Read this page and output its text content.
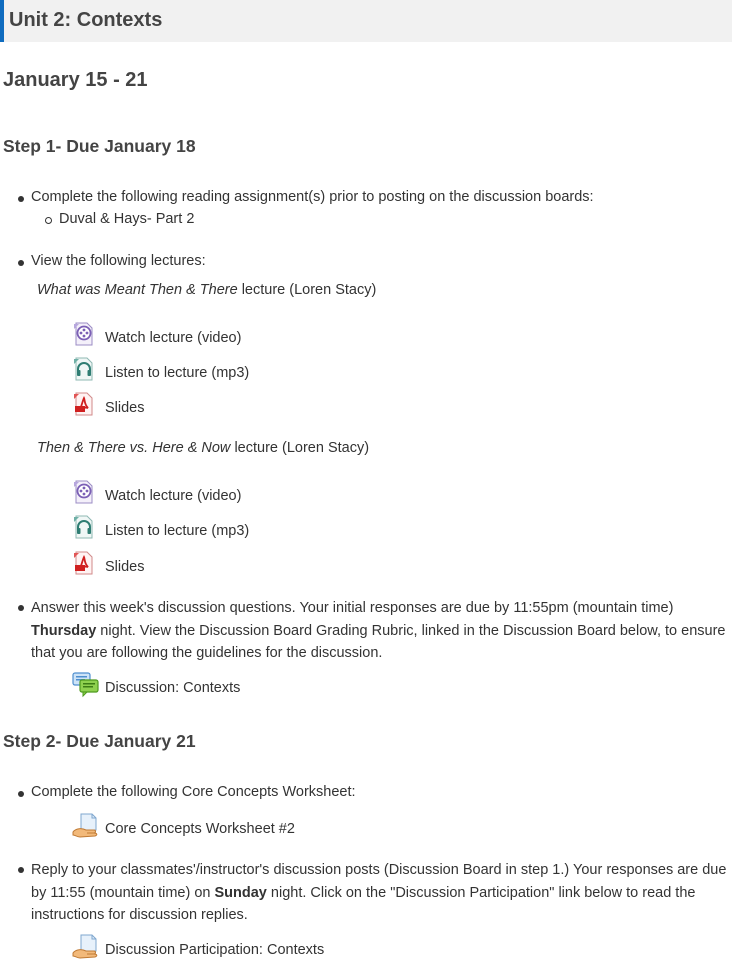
Unit 2: Contexts
January 15 - 21
Step 1- Due January 18
Complete the following reading assignment(s) prior to posting on the discussion boards:
Duval & Hays- Part 2
View the following lectures:
What was Meant Then & There lecture (Loren Stacy)
Watch lecture (video)
Listen to lecture (mp3)
Slides
Then & There vs. Here & Now lecture (Loren Stacy)
Watch lecture (video)
Listen to lecture (mp3)
Slides
Answer this week's discussion questions. Your initial responses are due by 11:55pm (mountain time)
Thursday night. View the Discussion Board Grading Rubric, linked in the Discussion Board below, to ensure that you are following the guidelines for the discussion.
Discussion: Contexts
Step 2- Due January 21
Complete the following Core Concepts Worksheet:
Core Concepts Worksheet #2
Reply to your classmates'/instructor's discussion posts (Discussion Board in step 1.) Your responses are due by 11:55 (mountain time) on Sunday night. Click on the "Discussion Participation" link below to read the instructions for discussion replies.
Discussion Participation: Contexts
